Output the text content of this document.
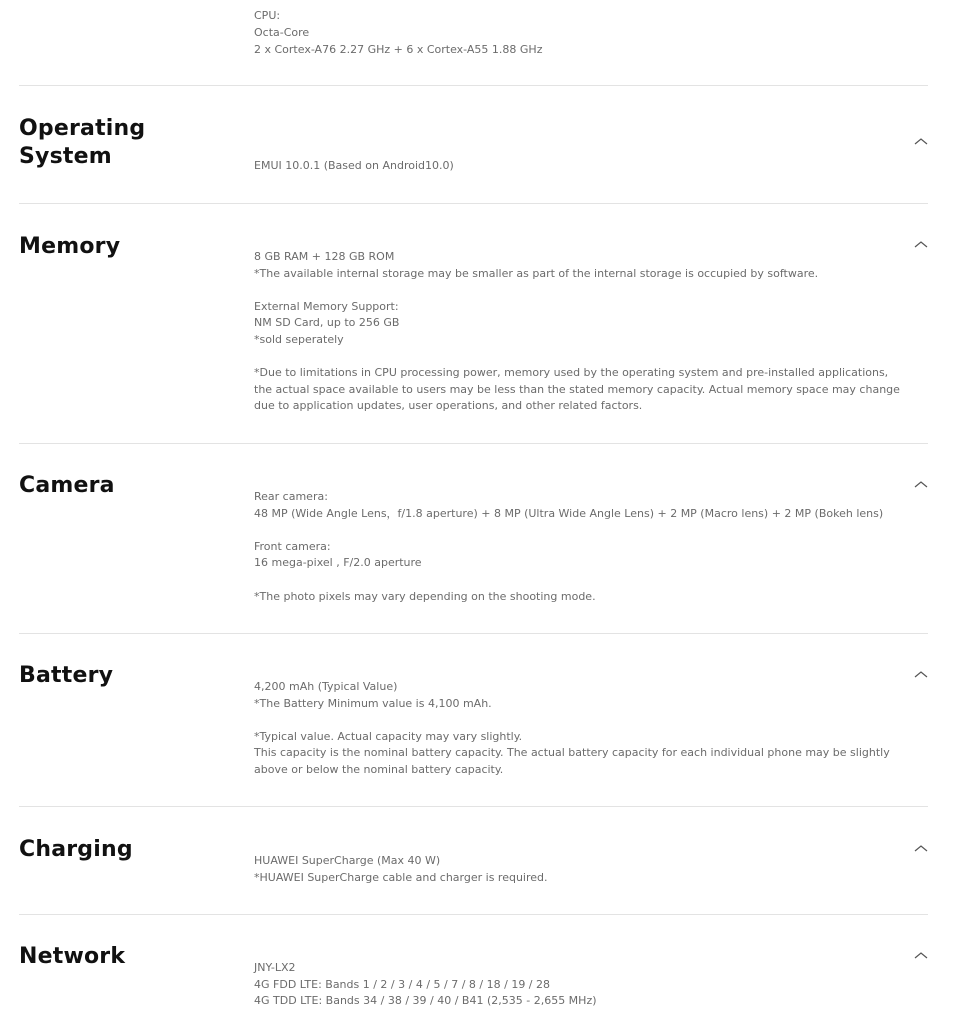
CPU:
Octa-Core
2 x Cortex-A76 2.27 GHz + 6 x Cortex-A55 1.88 GHz
Operating
System	EMUI 10.0.1 (Based on Android10.0)

Memory	8 GB RAM + 128 GB ROM
*The available internal storage may be smaller as part of the internal storage is occupied by software.

External Memory Support:
NM SD Card, up to 256 GB
*sold seperately

*Due to limitations in CPU processing power, memory used by the operating system and pre-installed applications, the actual space available to users may be less than the stated memory capacity. Actual memory space may change due to application updates, user operations, and other related factors.

Camera	Rear camera:
48 MP (Wide Angle Lens，f/1.8 aperture) + 8 MP (Ultra Wide Angle Lens) + 2 MP (Macro lens) + 2 MP (Bokeh lens)

Front camera:
16 mega-pixel , F/2.0 aperture

*The photo pixels may vary depending on the shooting mode.

Battery	4,200 mAh (Typical Value)
*The Battery Minimum value is 4,100 mAh.

*Typical value. Actual capacity may vary slightly.
This capacity is the nominal battery capacity. The actual battery capacity for each individual phone may be slightly above or below the nominal battery capacity.

Charging	HUAWEI SuperCharge (Max 40 W)
*HUAWEI SuperCharge cable and charger is required.

Network	JNY-LX2
4G FDD LTE: Bands 1 / 2 / 3 / 4 / 5 / 7 / 8 / 18 / 19 / 28
4G TDD LTE: Bands 34 / 38 / 39 / 40 / B41 (2,535 - 2,655 MHz)
